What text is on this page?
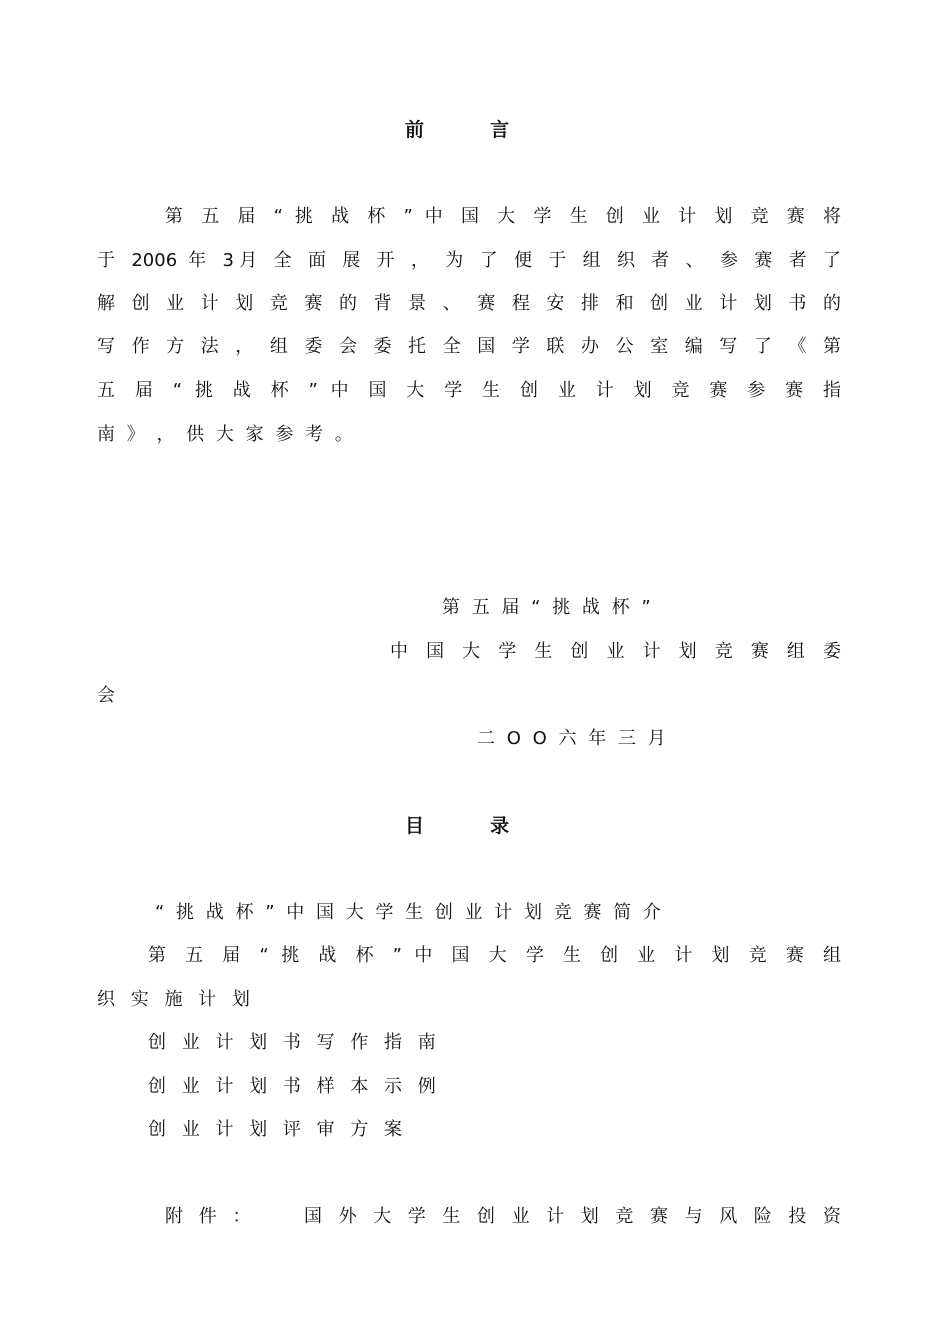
前          言
第 五 届 “ 挑 战 杯 ” 中 国 大 学 生 创 业 计 划 竞 赛 将
于 2006 年 3月 全 面 展 开 ， 为 了 便 于 组 织 者 、 参 赛 者 了
解 创 业 计 划 竞 赛 的 背 景 、 赛 程 安 排 和 创 业 计 划 书 的
写 作 方 法 ， 组 委 会 委 托 全 国 学 联 办 公 室 编 写 了 《 第
五 届 “ 挑 战 杯 ” 中 国 大 学 生 创 业 计 划 竞 赛 参 赛 指
南 》 ， 供 大 家 参 考 。
第 五 届 “ 挑 战 杯 ”
中 国 大 学 生 创 业 计 划 竞 赛 组 委
会
二 O O 六 年 三 月
目          录
“ 挑 战 杯 ” 中 国 大 学 生 创 业 计 划 竞 赛 简 介
第 五 届 “ 挑 战 杯 ” 中 国 大 学 生 创 业 计 划 竞 赛 组
织 实 施 计 划
创 业 计 划 书 写 作 指 南
创 业 计 划 书 样 本 示 例
创 业 计 划 评 审 方 案
附 件 ：	国 外 大 学 生 创 业 计 划 竞 赛 与 风 险 投 资
